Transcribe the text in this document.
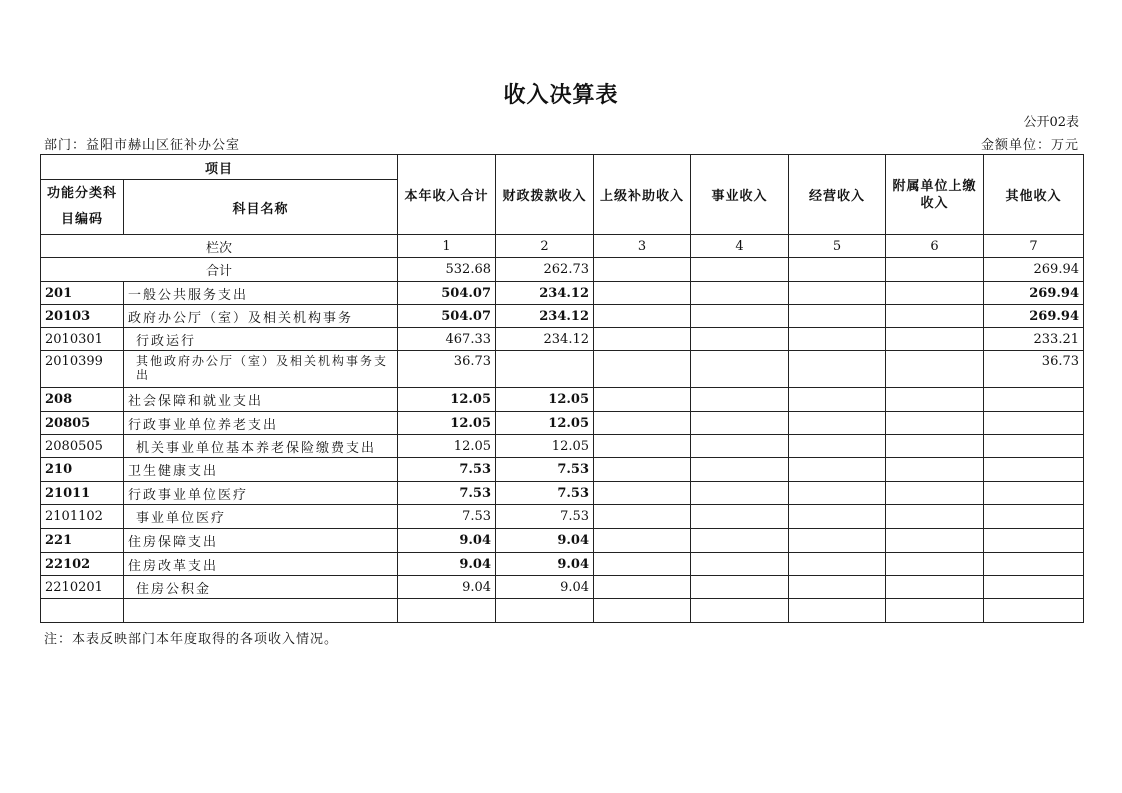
收入决算表
公开02表
部门：益阳市赫山区征补办公室	金额单位：万元
项目		本年收入合计	财政拨款收入	上级补助收入	事业收入	经营收入	附属单位上缴收入	其他收入
功能分类科目编码	科目名称							
栏次		1	2	3	4	5	6	7
合计		532.68	262.73					269.94
201	一般公共服务支出	504.07	234.12					269.94
20103	政府办公厅（室）及相关机构事务	504.07	234.12					269.94
2010301	行政运行	467.33	234.12					233.21
2010399	其他政府办公厅（室）及相关机构事务支出	36.73						36.73
208	社会保障和就业支出	12.05	12.05					
20805	行政事业单位养老支出	12.05	12.05					
2080505	机关事业单位基本养老保险缴费支出	12.05	12.05					
210	卫生健康支出	7.53	7.53					
21011	行政事业单位医疗	7.53	7.53					
2101102	事业单位医疗	7.53	7.53					
221	住房保障支出	9.04	9.04					
22102	住房改革支出	9.04	9.04					
2210201	住房公积金	9.04	9.04					

注：本表反映部门本年度取得的各项收入情况。
